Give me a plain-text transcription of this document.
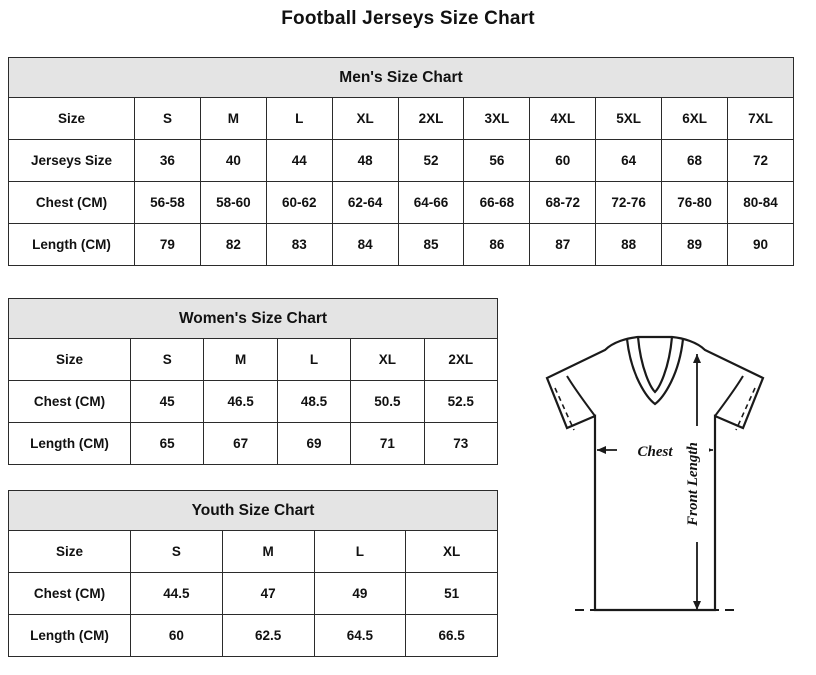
Football Jerseys Size Chart
Men's Size Chart										
Size	S	M	L	XL	2XL	3XL	4XL	5XL	6XL	7XL
Jerseys Size	36	40	44	48	52	56	60	64	68	72
Chest (CM)	56-58	58-60	60-62	62-64	64-66	66-68	68-72	72-76	76-80	80-84
Length (CM)	79	82	83	84	85	86	87	88	89	90
Women's Size Chart					
Size	S	M	L	XL	2XL
Chest (CM)	45	46.5	48.5	50.5	52.5
Length (CM)	65	67	69	71	73
Youth Size Chart				
Size	S	M	L	XL
Chest (CM)	44.5	47	49	51
Length (CM)	60	62.5	64.5	66.5
Chest Front Length
